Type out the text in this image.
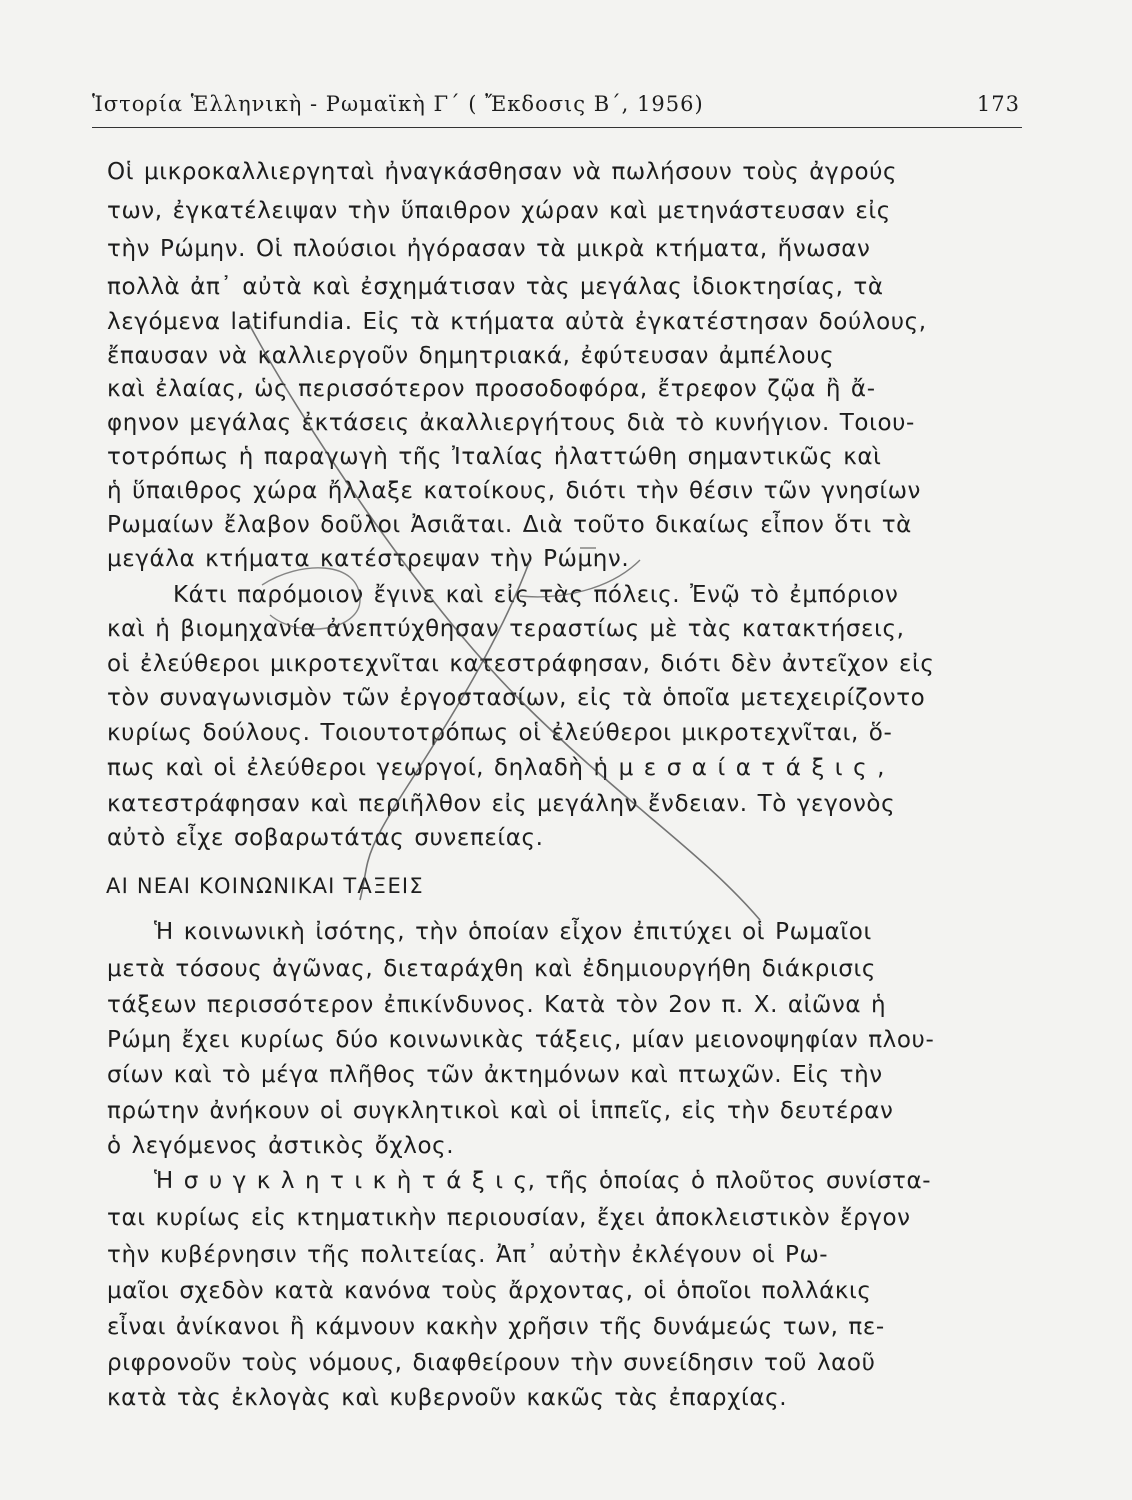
Ἱστορία Ἑλληνικὴ - Ρωμαϊκὴ Γ΄ ( Ἔκδοσις Β΄, 1956)	173
Οἱ μικροκαλλιεργηταὶ ἠναγκάσθησαν νὰ πωλήσουν τοὺς ἀγρούς
των, ἐγκατέλειψαν τὴν ὕπαιθρον χώραν καὶ μετηνάστευσαν εἰς
τὴν Ρώμην. Οἱ πλούσιοι ἠγόρασαν τὰ μικρὰ κτήματα, ἥνωσαν
πολλὰ ἀπ᾽ αὐτὰ καὶ ἐσχημάτισαν τὰς μεγάλας ἰδιοκτησίας, τὰ
λεγόμενα latifundia. Εἰς τὰ κτήματα αὐτὰ ἐγκατέστησαν δούλους,
ἔπαυσαν νὰ καλλιεργοῦν δημητριακά, ἐφύτευσαν ἀμπέλους
καὶ ἐλαίας, ὡς περισσότερον προσοδοφόρα, ἔτρεφον ζῷα ἢ ἄ-
φηνον μεγάλας ἐκτάσεις ἀκαλλιεργήτους διὰ τὸ κυνήγιον. Τοιου-
τοτρόπως ἡ παραγωγὴ τῆς Ἰταλίας ἠλαττώθη σημαντικῶς καὶ
ἡ ὕπαιθρος χώρα ἤλλαξε κατοίκους, διότι τὴν θέσιν τῶν γνησίων
Ρωμαίων ἔλαβον δοῦλοι Ἀσιᾶται. Διὰ τοῦτο δικαίως εἶπον ὅτι τὰ
μεγάλα κτήματα κατέστρεψαν τὴν Ρώμην.
Κάτι παρόμοιον ἔγινε καὶ εἰς τὰς πόλεις. Ἐνῷ τὸ ἐμπόριον
καὶ ἡ βιομηχανία ἀνεπτύχθησαν τεραστίως μὲ τὰς κατακτήσεις,
οἱ ἐλεύθεροι μικροτεχνῖται κατεστράφησαν, διότι δὲν ἀντεῖχον εἰς
τὸν συναγωνισμὸν τῶν ἐργοστασίων, εἰς τὰ ὁποῖα μετεχειρίζοντο
κυρίως δούλους. Τοιουτοτρόπως οἱ ἐλεύθεροι μικροτεχνῖται, ὅ-
πως καὶ οἱ ἐλεύθεροι γεωργοί, δηλαδὴ ἡ μ ε σ α ί α τ ά ξ ι ς ,
κατεστράφησαν καὶ περιῆλθον εἰς μεγάλην ἔνδειαν. Τὸ γεγονὸς
αὐτὸ εἶχε σοβαρωτάτας συνεπείας.
ΑΙ ΝΕΑΙ ΚΟΙΝΩΝΙΚΑΙ ΤΑΞΕΙΣ
Ἡ κοινωνικὴ ἰσότης, τὴν ὁποίαν εἶχον ἐπιτύχει οἱ Ρωμαῖοι
μετὰ τόσους ἀγῶνας, διεταράχθη καὶ ἐδημιουργήθη διάκρισις
τάξεων περισσότερον ἐπικίνδυνος. Κατὰ τὸν 2ον π. Χ. αἰῶνα ἡ
Ρώμη ἔχει κυρίως δύο κοινωνικὰς τάξεις, μίαν μειονοψηφίαν πλου-
σίων καὶ τὸ μέγα πλῆθος τῶν ἀκτημόνων καὶ πτωχῶν. Εἰς τὴν
πρώτην ἀνήκουν οἱ συγκλητικοὶ καὶ οἱ ἱππεῖς, εἰς τὴν δευτέραν
ὁ λεγόμενος ἀστικὸς ὄχλος.
Ἡ σ υ γ κ λ η τ ι κ ὴ τ ά ξ ι ς, τῆς ὁποίας ὁ πλοῦτος συνίστα-
ται κυρίως εἰς κτηματικὴν περιουσίαν, ἔχει ἀποκλειστικὸν ἔργον
τὴν κυβέρνησιν τῆς πολιτείας. Ἀπ᾽ αὐτὴν ἐκλέγουν οἱ Ρω-
μαῖοι σχεδὸν κατὰ κανόνα τοὺς ἄρχοντας, οἱ ὁποῖοι πολλάκις
εἶναι ἀνίκανοι ἢ κάμνουν κακὴν χρῆσιν τῆς δυνάμεώς των, πε-
ριφρονοῦν τοὺς νόμους, διαφθείρουν τὴν συνείδησιν τοῦ λαοῦ
κατὰ τὰς ἐκλογὰς καὶ κυβερνοῦν κακῶς τὰς ἐπαρχίας.
